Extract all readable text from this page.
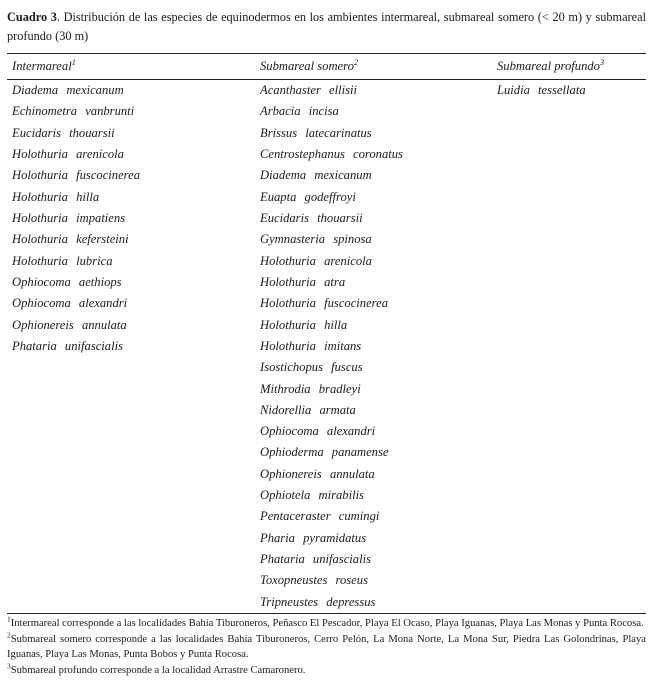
Cuadro 3. Distribución de las especies de equinodermos en los ambientes intermareal, submareal somero (< 20 m) y submareal profundo (30 m)

Intermareal$^1$	Submareal somero$^2$	Submareal profundo$^3$
Diadema mexicanum
Echinometra vanbrunti
Eucidaris thouarsii
Holothuria arenicola
Holothuria fuscocinerea
Holothuria hilla
Holothuria impatiens
Holothuria kefersteini
Holothuria lubrica
Ophiocoma aethiops
Ophiocoma alexandri
Ophionereis annulata
Phataria unifascialis
Acanthaster ellisii
Arbacia incisa
Brissus latecarinatus
Centrostephanus coronatus
Diadema mexicanum
Euapta godeffroyi
Eucidaris thouarsii
Gymnasteria spinosa
Holothuria arenicola
Holothuria atra
Holothuria fuscocinerea
Holothuria hilla
Holothuria imitans
Isostichopus fuscus
Mithrodia bradleyi
Nidorellia armata
Ophiocoma alexandri
Ophioderma panamense
Ophionereis annulata
Ophiotela mirabilis
Pentaceraster cumingi
Pharia pyramidatus
Phataria unifascialis
Toxopneustes roseus
Tripneustes depressus
Luidia tessellata

$^1$Intermareal corresponde a las localidades Bahía Tiburoneros, Peñasco El Pescador, Playa El Ocaso, Playa Iguanas, Playa Las Monas y Punta Rocosa.

$^2$Submareal somero corresponde a las localidades Bahía Tiburoneros, Cerro Pelón, La Mona Norte, La Mona Sur, Piedra Las Golondrinas, Playa Iguanas, Playa Las Monas, Punta Bobos y Punta Rocosa.

$^3$Submareal profundo corresponde a la localidad Arrastre Camaronero.
